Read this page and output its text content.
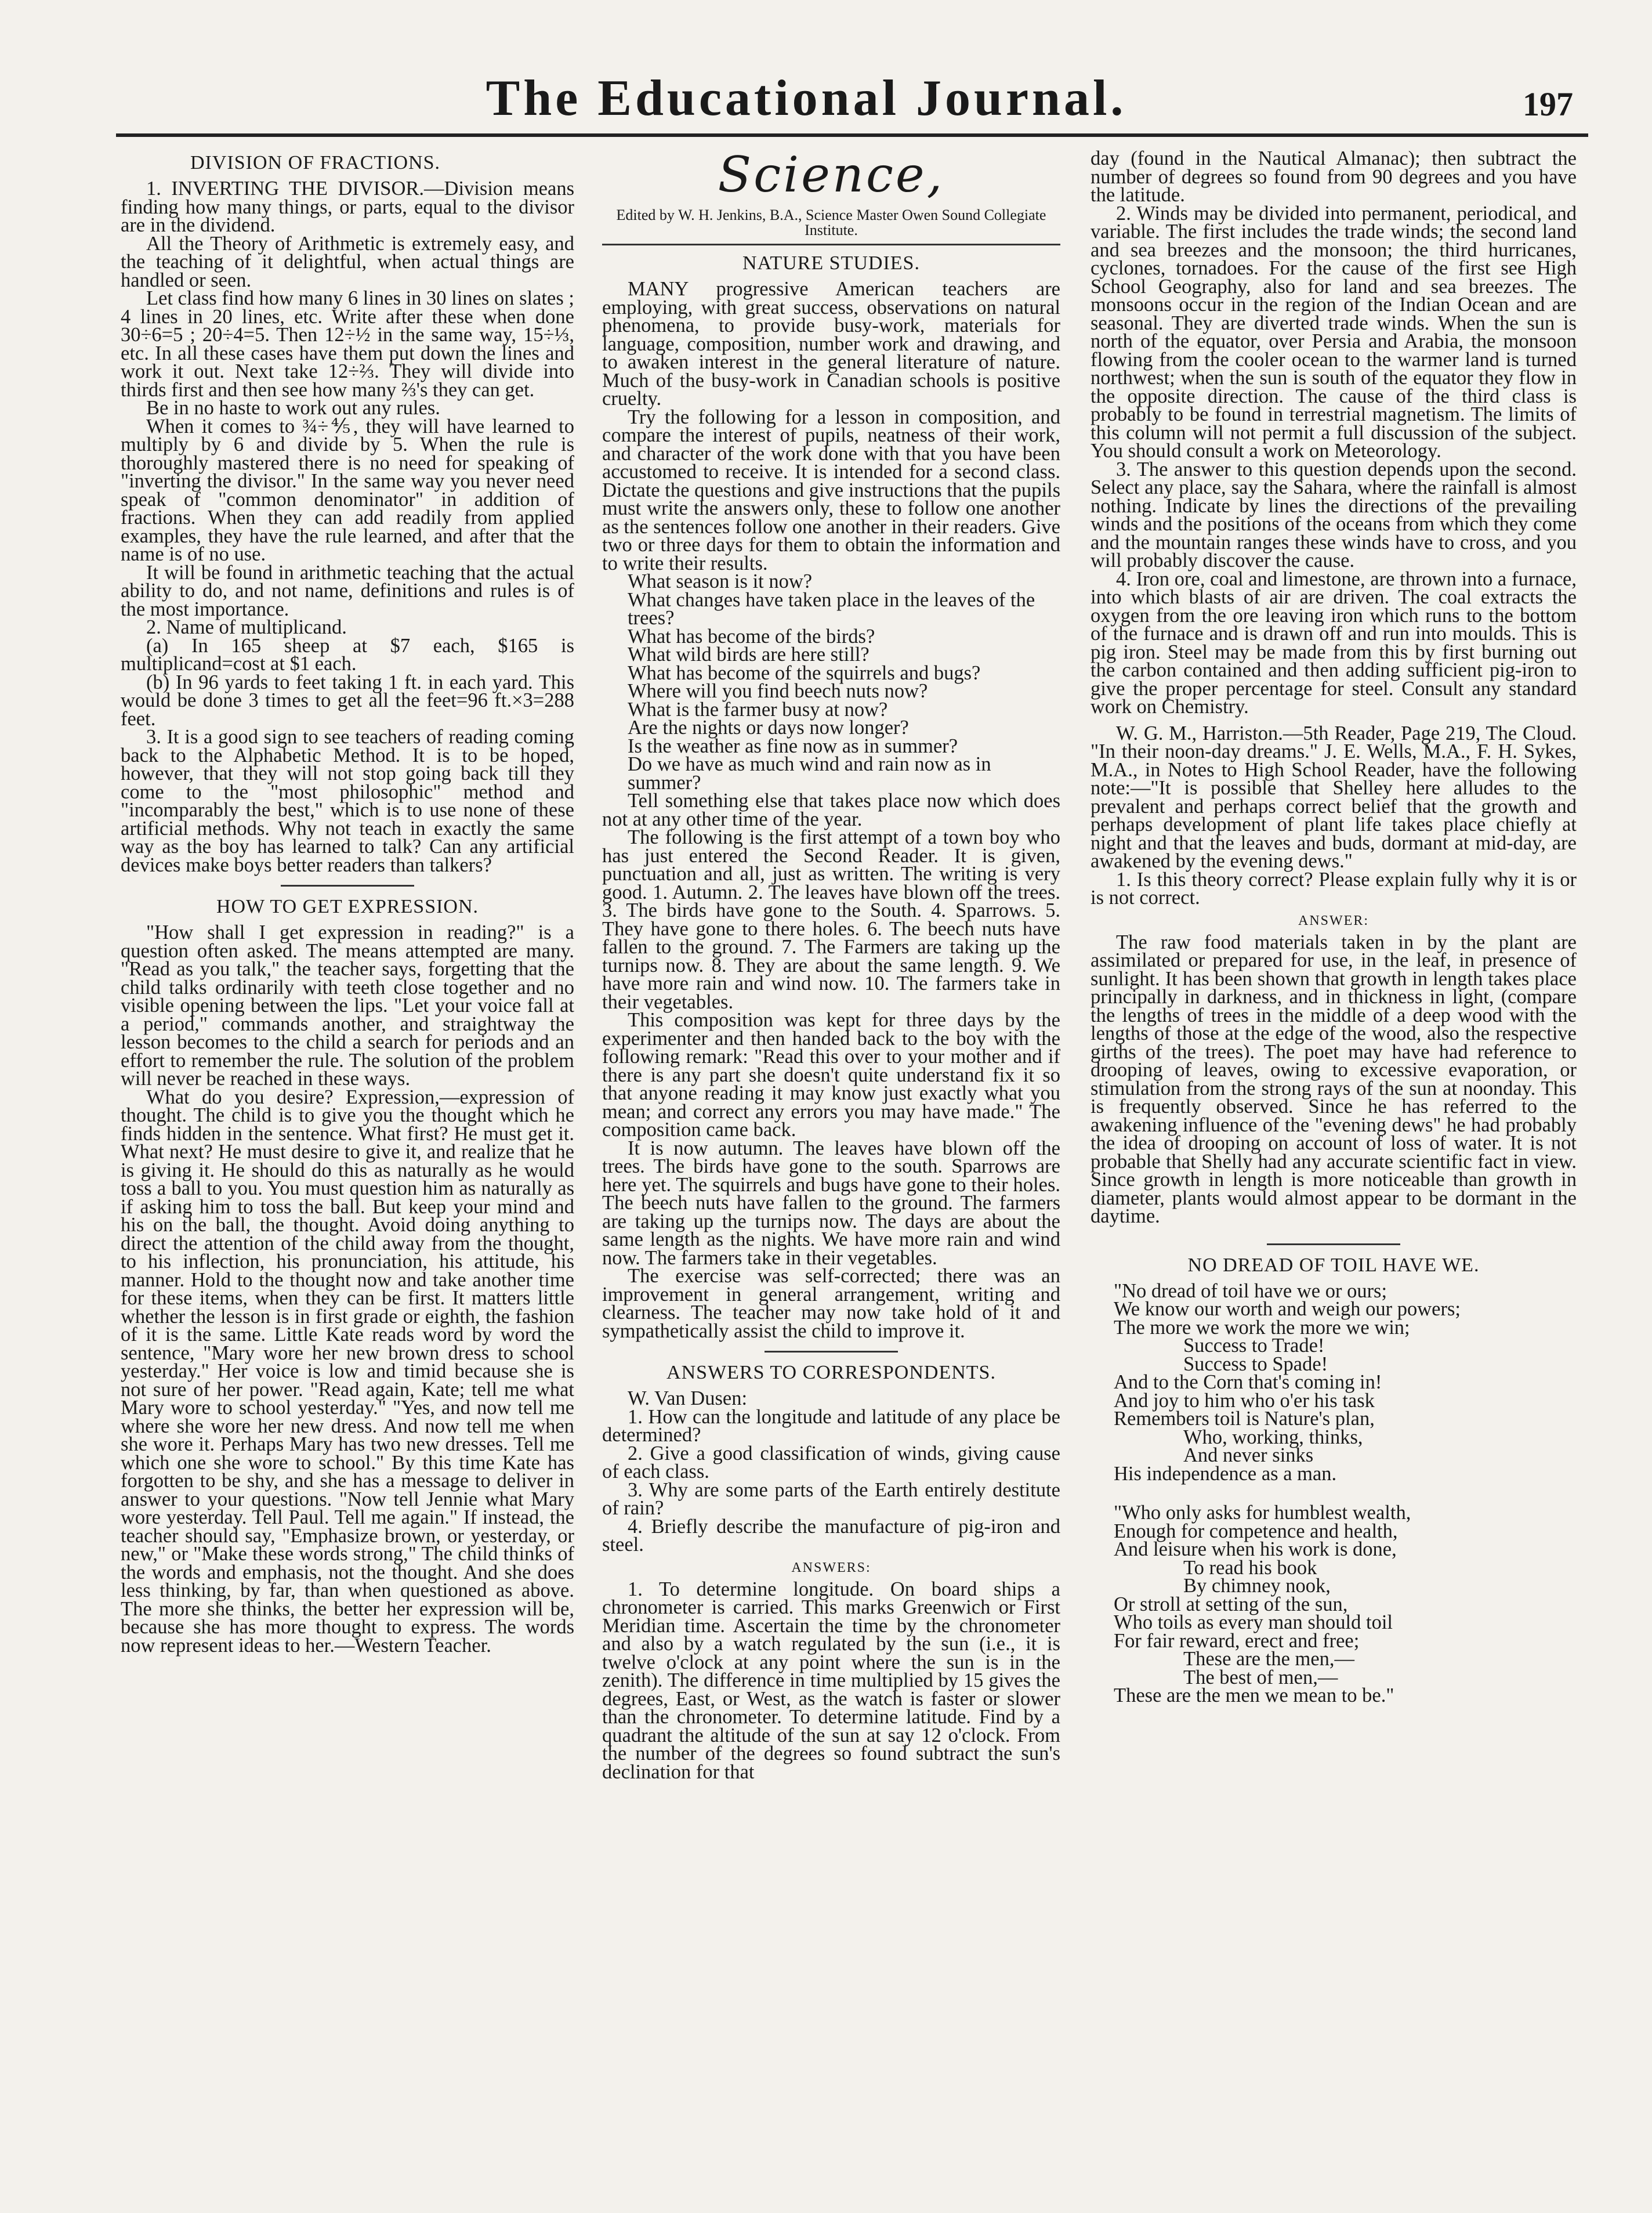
The Educational Journal.	197
DIVISION OF FRACTIONS.

1. INVERTING THE DIVISOR.—Division means finding how many things, or parts, equal to the divisor are in the dividend.

All the Theory of Arithmetic is extremely easy, and the teaching of it delightful, when actual things are handled or seen.

Let class find how many 6 lines in 30 lines on slates ; 4 lines in 20 lines, etc. Write after these when done 30÷6=5 ; 20÷4=5. Then 12÷½ in the same way, 15÷⅓, etc. In all these cases have them put down the lines and work it out. Next take 12÷⅔. They will divide into thirds first and then see how many ⅔'s they can get.

Be in no haste to work out any rules.

When it comes to ¾÷⅘, they will have learned to multiply by 6 and divide by 5. When the rule is thoroughly mastered there is no need for speaking of "inverting the divisor." In the same way you never need speak of "common denominator" in addition of fractions. When they can add readily from applied examples, they have the rule learned, and after that the name is of no use.

It will be found in arithmetic teaching that the actual ability to do, and not name, definitions and rules is of the most importance.

2. Name of multiplicand.

(a) In 165 sheep at $7 each, $165 is multiplicand=cost at $1 each.

(b) In 96 yards to feet taking 1 ft. in each yard. This would be done 3 times to get all the feet=96 ft.×3=288 feet.

3. It is a good sign to see teachers of reading coming back to the Alphabetic Method. It is to be hoped, however, that they will not stop going back till they come to the "most philosophic" method and "incomparably the best," which is to use none of these artificial methods. Why not teach in exactly the same way as the boy has learned to talk? Can any artificial devices make boys better readers than talkers?

HOW TO GET EXPRESSION.

"How shall I get expression in reading?" is a question often asked. The means attempted are many. "Read as you talk," the teacher says, forgetting that the child talks ordinarily with teeth close together and no visible opening between the lips. "Let your voice fall at a period," commands another, and straightway the lesson becomes to the child a search for periods and an effort to remember the rule. The solution of the problem will never be reached in these ways.

What do you desire? Expression,—expression of thought. The child is to give you the thought which he finds hidden in the sentence. What first? He must get it. What next? He must desire to give it, and realize that he is giving it. He should do this as naturally as he would toss a ball to you. You must question him as naturally as if asking him to toss the ball. But keep your mind and his on the ball, the thought. Avoid doing anything to direct the attention of the child away from the thought, to his inflection, his pronunciation, his attitude, his manner. Hold to the thought now and take another time for these items, when they can be first. It matters little whether the lesson is in first grade or eighth, the fashion of it is the same. Little Kate reads word by word the sentence, "Mary wore her new brown dress to school yesterday." Her voice is low and timid because she is not sure of her power. "Read again, Kate; tell me what Mary wore to school yesterday." "Yes, and now tell me where she wore her new dress. And now tell me when she wore it. Perhaps Mary has two new dresses. Tell me which one she wore to school." By this time Kate has forgotten to be shy, and she has a message to deliver in answer to your questions. "Now tell Jennie what Mary wore yesterday. Tell Paul. Tell me again." If instead, the teacher should say, "Emphasize brown, or yesterday, or new," or "Make these words strong," The child thinks of the words and emphasis, not the thought. And she does less thinking, by far, than when questioned as above. The more she thinks, the better her expression will be, because she has more thought to express. The words now represent ideas to her.—Western Teacher.

Science,
Edited by W. H. Jenkins, B.A., Science Master Owen Sound Collegiate Institute.
NATURE STUDIES.

MANY progressive American teachers are employing, with great success, observations on natural phenomena, to provide busy-work, materials for language, composition, number work and drawing, and to awaken interest in the general literature of nature. Much of the busy-work in Canadian schools is positive cruelty.

Try the following for a lesson in composition, and compare the interest of pupils, neatness of their work, and character of the work done with that you have been accustomed to receive. It is intended for a second class. Dictate the questions and give instructions that the pupils must write the answers only, these to follow one another as the sentences follow one another in their readers. Give two or three days for them to obtain the information and to write their results.

What season is it now?
What changes have taken place in the leaves of the trees?
What has become of the birds?
What wild birds are here still?
What has become of the squirrels and bugs?
Where will you find beech nuts now?
What is the farmer busy at now?
Are the nights or days now longer?
Is the weather as fine now as in summer?
Do we have as much wind and rain now as in summer?

Tell something else that takes place now which does not at any other time of the year.

The following is the first attempt of a town boy who has just entered the Second Reader. It is given, punctuation and all, just as written. The writing is very good. 1. Autumn. 2. The leaves have blown off the trees. 3. The birds have gone to the South. 4. Sparrows. 5. They have gone to there holes. 6. The beech nuts have fallen to the ground. 7. The Farmers are taking up the turnips now. 8. They are about the same length. 9. We have more rain and wind now. 10. The farmers take in their vegetables.

This composition was kept for three days by the experimenter and then handed back to the boy with the following remark: "Read this over to your mother and if there is any part she doesn't quite understand fix it so that anyone reading it may know just exactly what you mean; and correct any errors you may have made." The composition came back.

It is now autumn. The leaves have blown off the trees. The birds have gone to the south. Sparrows are here yet. The squirrels and bugs have gone to their holes. The beech nuts have fallen to the ground. The farmers are taking up the turnips now. The days are about the same length as the nights. We have more rain and wind now. The farmers take in their vegetables.

The exercise was self-corrected; there was an improvement in general arrangement, writing and clearness. The teacher may now take hold of it and sympathetically assist the child to improve it.

ANSWERS TO CORRESPONDENTS.

W. Van Dusen:

1. How can the longitude and latitude of any place be determined?

2. Give a good classification of winds, giving cause of each class.

3. Why are some parts of the Earth entirely destitute of rain?

4. Briefly describe the manufacture of pig-iron and steel.

ANSWERS:

1. To determine longitude. On board ships a chronometer is carried. This marks Greenwich or First Meridian time. Ascertain the time by the chronometer and also by a watch regulated by the sun (i.e., it is twelve o'clock at any point where the sun is in the zenith). The difference in time multiplied by 15 gives the degrees, East, or West, as the watch is faster or slower than the chronometer. To determine latitude. Find by a quadrant the altitude of the sun at say 12 o'clock. From the number of the degrees so found subtract the sun's declination for that

day (found in the Nautical Almanac); then subtract the number of degrees so found from 90 degrees and you have the latitude.

2. Winds may be divided into permanent, periodical, and variable. The first includes the trade winds; the second land and sea breezes and the monsoon; the third hurricanes, cyclones, tornadoes. For the cause of the first see High School Geography, also for land and sea breezes. The monsoons occur in the region of the Indian Ocean and are seasonal. They are diverted trade winds. When the sun is north of the equator, over Persia and Arabia, the monsoon flowing from the cooler ocean to the warmer land is turned northwest; when the sun is south of the equator they flow in the opposite direction. The cause of the third class is probably to be found in terrestrial magnetism. The limits of this column will not permit a full discussion of the subject. You should consult a work on Meteorology.

3. The answer to this question depends upon the second. Select any place, say the Sahara, where the rainfall is almost nothing. Indicate by lines the directions of the prevailing winds and the positions of the oceans from which they come and the mountain ranges these winds have to cross, and you will probably discover the cause.

4. Iron ore, coal and limestone, are thrown into a furnace, into which blasts of air are driven. The coal extracts the oxygen from the ore leaving iron which runs to the bottom of the furnace and is drawn off and run into moulds. This is pig iron. Steel may be made from this by first burning out the carbon contained and then adding sufficient pig-iron to give the proper percentage for steel. Consult any standard work on Chemistry.

W. G. M., Harriston.—5th Reader, Page 219, The Cloud. "In their noon-day dreams." J. E. Wells, M.A., F. H. Sykes, M.A., in Notes to High School Reader, have the following note:—"It is possible that Shelley here alludes to the prevalent and perhaps correct belief that the growth and perhaps development of plant life takes place chiefly at night and that the leaves and buds, dormant at mid-day, are awakened by the evening dews."

1. Is this theory correct? Please explain fully why it is or is not correct.

ANSWER:

The raw food materials taken in by the plant are assimilated or prepared for use, in the leaf, in presence of sunlight. It has been shown that growth in length takes place principally in darkness, and in thickness in light, (compare the lengths of trees in the middle of a deep wood with the lengths of those at the edge of the wood, also the respective girths of the trees). The poet may have had reference to drooping of leaves, owing to excessive evaporation, or stimulation from the strong rays of the sun at noonday. This is frequently observed. Since he has referred to the awakening influence of the "evening dews" he had probably the idea of drooping on account of loss of water. It is not probable that Shelly had any accurate scientific fact in view. Since growth in length is more noticeable than growth in diameter, plants would almost appear to be dormant in the daytime.

NO DREAD OF TOIL HAVE WE.
"No dread of toil have we or ours;
We know our worth and weigh our powers;
The more we work the more we win;
Success to Trade!
Success to Spade!
And to the Corn that's coming in!
And joy to him who o'er his task
Remembers toil is Nature's plan,
Who, working, thinks,
And never sinks
His independence as a man.
"Who only asks for humblest wealth,
Enough for competence and health,
And leisure when his work is done,
To read his book
By chimney nook,
Or stroll at setting of the sun,
Who toils as every man should toil
For fair reward, erect and free;
These are the men,—
The best of men,—
These are the men we mean to be."
